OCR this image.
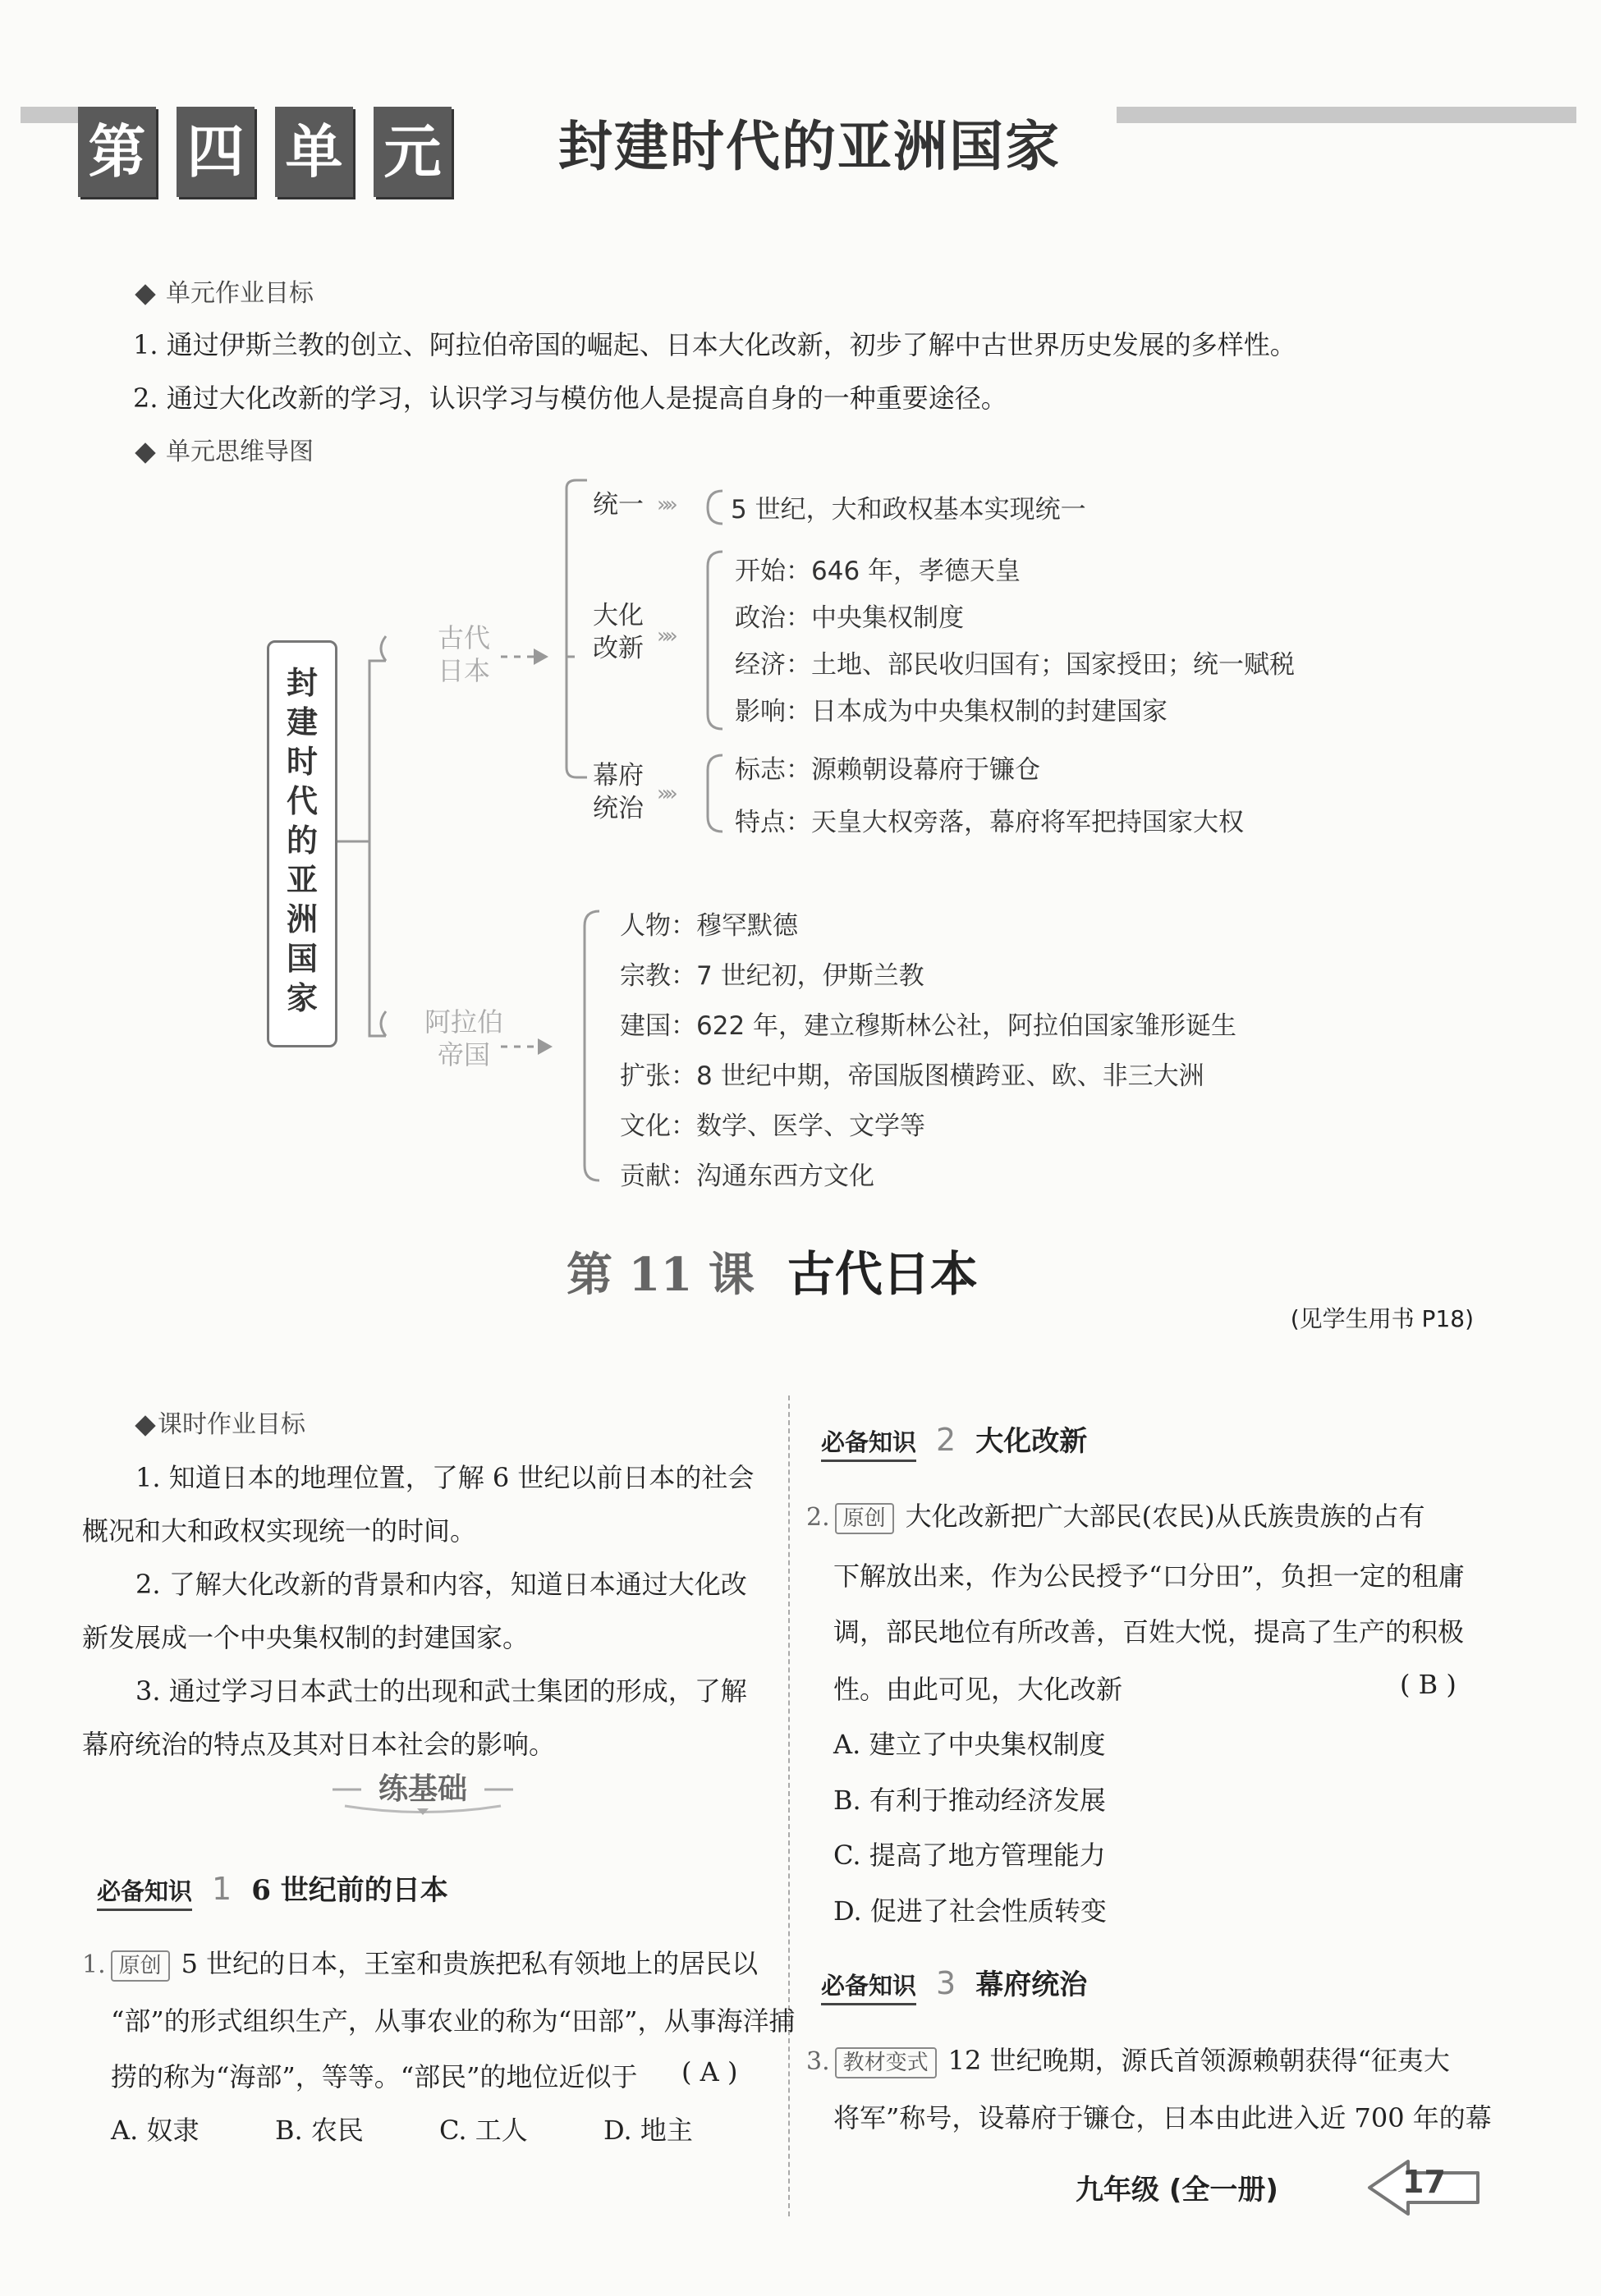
第 四 单 元 封建时代的亚洲国家
单元作业目标
1. 通过伊斯兰教的创立、阿拉伯帝国的崛起、日本大化改新，初步了解中古世界历史发展的多样性。
2. 通过大化改新的学习，认识学习与模仿他人是提高自身的一种重要途径。
单元思维导图
封建时代的亚洲国家
古代
日本
阿拉伯
帝国
统一 »» 5 世纪，大和政权基本实现统一
大化
改新 »»
开始：646 年，孝德天皇
政治：中央集权制度
经济：土地、部民收归国有；国家授田；统一赋税
影响：日本成为中央集权制的封建国家
幕府
统治 »»
标志：源赖朝设幕府于镰仓
特点：天皇大权旁落，幕府将军把持国家大权
人物：穆罕默德
宗教：7 世纪初，伊斯兰教
建国：622 年，建立穆斯林公社，阿拉伯国家雏形诞生
扩张：8 世纪中期，帝国版图横跨亚、欧、非三大洲
文化：数学、医学、文学等
贡献：沟通东西方文化
第 11 课 古代日本
(见学生用书 P18)
课时作业目标
1. 知道日本的地理位置，了解 6 世纪以前日本的社会
概况和大和政权实现统一的时间。
2. 了解大化改新的背景和内容，知道日本通过大化改
新发展成一个中央集权制的封建国家。
3. 通过学习日本武士的出现和武士集团的形成，了解
幕府统治的特点及其对日本社会的影响。
练基础
必备知识 1 6 世纪前的日本
1. 原创 5 世纪的日本，王室和贵族把私有领地上的居民以
“部”的形式组织生产，从事农业的称为“田部”，从事海洋捕
捞的称为“海部”，等等。“部民”的地位近似于 ( A )
A. 奴隶	B. 农民	C. 工人	D. 地主
必备知识 2 大化改新
2. 原创 大化改新把广大部民(农民)从氏族贵族的占有
下解放出来，作为公民授予“口分田”，负担一定的租庸
调，部民地位有所改善，百姓大悦，提高了生产的积极
性。由此可见，大化改新	( B )
A. 建立了中央集权制度
B. 有利于推动经济发展
C. 提高了地方管理能力
D. 促进了社会性质转变
必备知识 3 幕府统治
3. 教材变式 12 世纪晚期，源氏首领源赖朝获得“征夷大
将军”称号，设幕府于镰仓，日本由此进入近 700 年的幕
九年级 (全一册)	17
